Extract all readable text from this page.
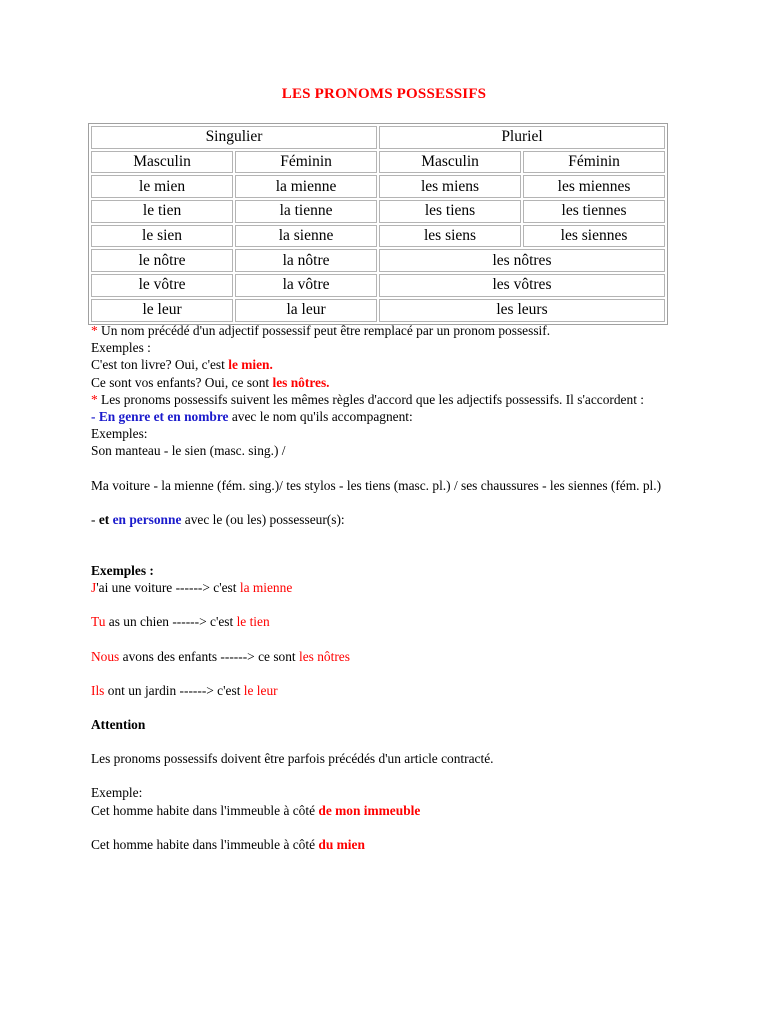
LES PRONOMS POSSESSIFS
Singulier		Pluriel	
Masculin	Féminin	Masculin	Féminin
le mien	la mienne	les miens	les miennes
le tien	la tienne	les tiens	les tiennes
le sien	la sienne	les siens	les siennes
le nôtre	la nôtre	les nôtres	
le vôtre	la vôtre	les vôtres	
le leur	la leur	les leurs	

* Un nom précédé d'un adjectif possessif peut être remplacé par un pronom possessif.

Exemples :

C'est ton livre? Oui, c'est le mien.

Ce sont vos enfants? Oui, ce sont les nôtres.

* Les pronoms possessifs suivent les mêmes règles d'accord que les adjectifs possessifs. Il s'accordent :

- En genre et en nombre avec le nom qu'ils accompagnent:

Exemples:

Son manteau - le sien (masc. sing.) /

Ma voiture - la mienne (fém. sing.)/ tes stylos - les tiens (masc. pl.) / ses chaussures - les siennes (fém. pl.)

- et en personne avec le (ou les) possesseur(s):

Exemples :

J'ai une voiture ------> c'est la mienne

Tu as un chien ------> c'est le tien

Nous avons des enfants ------> ce sont les nôtres

Ils ont un jardin ------> c'est le leur

Attention

Les pronoms possessifs doivent être parfois précédés d'un article contracté.

Exemple:

Cet homme habite dans l'immeuble à côté de mon immeuble

Cet homme habite dans l'immeuble à côté du mien
